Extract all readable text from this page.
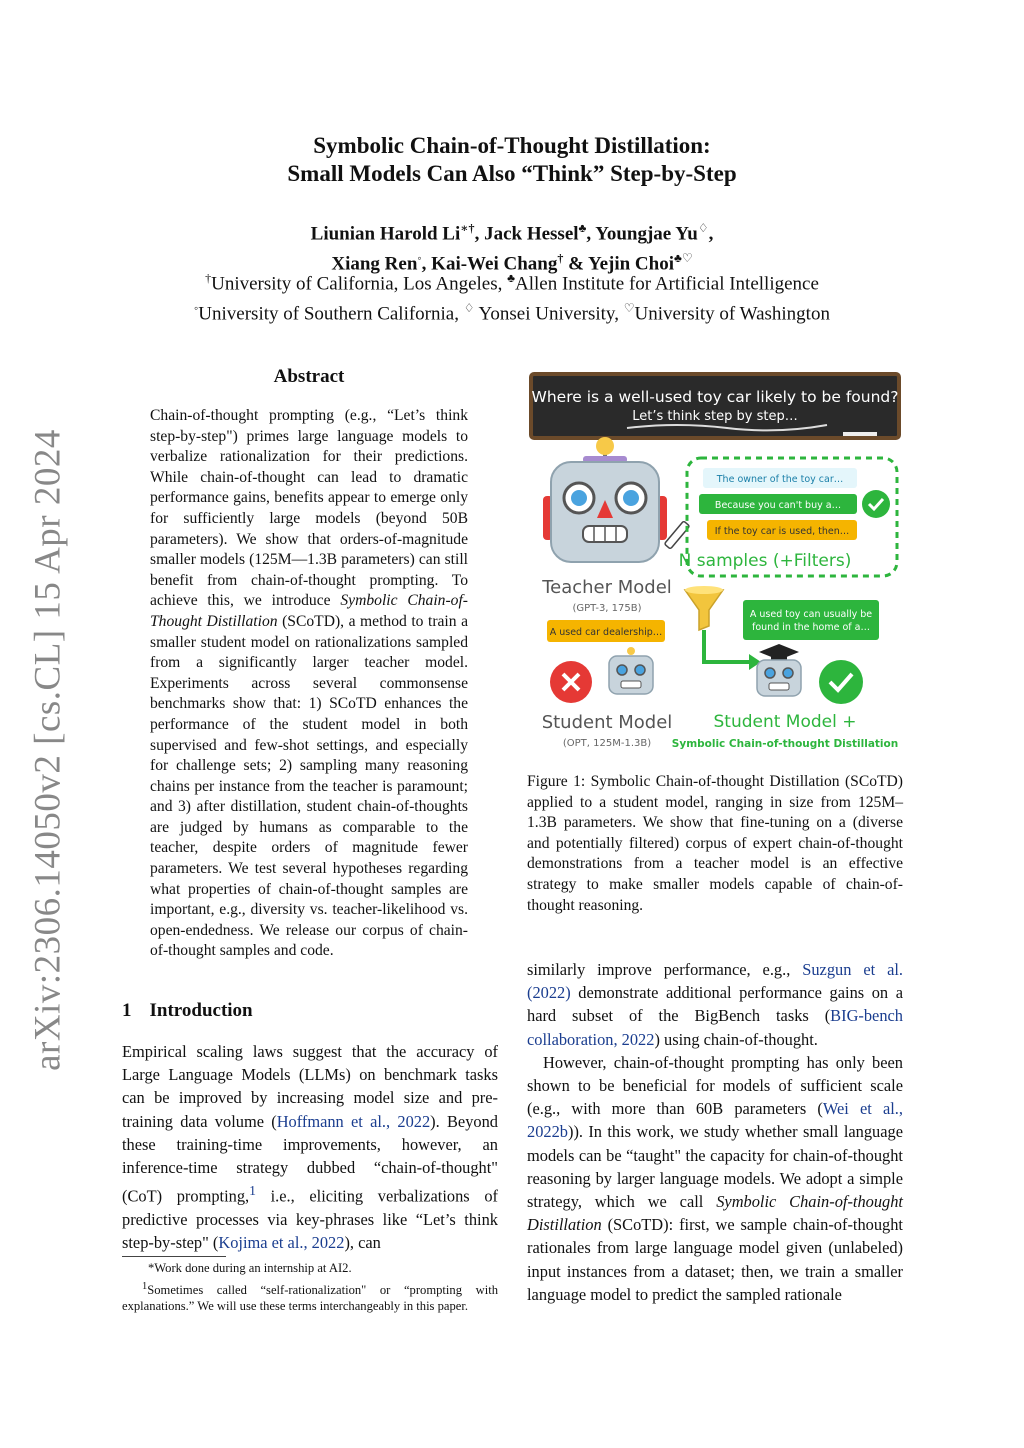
arXiv:2306.14050v2 [cs.CL] 15 Apr 2024
Symbolic Chain-of-Thought Distillation:
Small Models Can Also “Think” Step-by-Step
Liunian Harold Li∗†, Jack Hessel♣, Youngjae Yu♢,
Xiang Ren◦, Kai-Wei Chang† & Yejin Choi♣♡
†University of California, Los Angeles, ♣Allen Institute for Artificial Intelligence
◦University of Southern California, ♢ Yonsei University, ♡University of Washington
Abstract
Chain-of-thought prompting (e.g., “Let’s think step-by-step") primes large language models to verbalize rationalization for their predictions. While chain-of-thought can lead to dramatic performance gains, benefits appear to emerge only for sufficiently large models (beyond 50B parameters). We show that orders-of-magnitude smaller models (125M—1.3B parameters) can still benefit from chain-of-thought prompting. To achieve this, we introduce Symbolic Chain-of-Thought Distillation (SCoTD), a method to train a smaller student model on rationalizations sampled from a significantly larger teacher model. Experiments across several commonsense benchmarks show that: 1) SCoTD enhances the performance of the student model in both supervised and few-shot settings, and especially for challenge sets; 2) sampling many reasoning chains per instance from the teacher is paramount; and 3) after distillation, student chain-of-thoughts are judged by humans as comparable to the teacher, despite orders of magnitude fewer parameters. We test several hypotheses regarding what properties of chain-of-thought samples are important, e.g., diversity vs. teacher-likelihood vs. open-endedness. We release our corpus of chain-of-thought samples and code.
1 Introduction
Empirical scaling laws suggest that the accuracy of Large Language Models (LLMs) on benchmark tasks can be improved by increasing model size and pre-training data volume (Hoffmann et al., 2022). Beyond these training-time improvements, however, an inference-time strategy dubbed “chain-of-thought" (CoT) prompting,$^1$ i.e., eliciting verbalizations of predictive processes via key-phrases like “Let’s think step-by-step" (Kojima et al., 2022), can
*Work done during an internship at AI2.
$^1$Sometimes called “self-rationalization" or “prompting with explanations.” We will use these terms interchangeably in this paper.
Where is a well-used toy car likely to be found?
Let’s think step by step…
Teacher Model
(GPT-3, 175B)
The owner of the toy car…
Because you can't buy a…
If the toy car is used, then…
N samples (+Filters)
A used toy can usually be
found in the home of a…
A used car dealership…
Student Model
(OPT, 125M-1.3B)
Student Model +
Symbolic Chain-of-thought Distillation
Figure 1: Symbolic Chain-of-thought Distillation (SCoTD) applied to a student model, ranging in size from 125M–1.3B parameters. We show that fine-tuning on a (diverse and potentially filtered) corpus of expert chain-of-thought demonstrations from a teacher model is an effective strategy to make smaller models capable of chain-of-thought reasoning.

similarly improve performance, e.g., Suzgun et al. (2022) demonstrate additional performance gains on a hard subset of the BigBench tasks (BIG-bench collaboration, 2022) using chain-of-thought.

However, chain-of-thought prompting has only been shown to be beneficial for models of sufficient scale (e.g., with more than 60B parameters (Wei et al., 2022b)). In this work, we study whether small language models can be “taught" the capacity for chain-of-thought reasoning by larger language models. We adopt a simple strategy, which we call Symbolic Chain-of-thought Distillation (SCoTD): first, we sample chain-of-thought rationales from large language model given (unlabeled) input instances from a dataset; then, we train a smaller language model to predict the sampled rationale
